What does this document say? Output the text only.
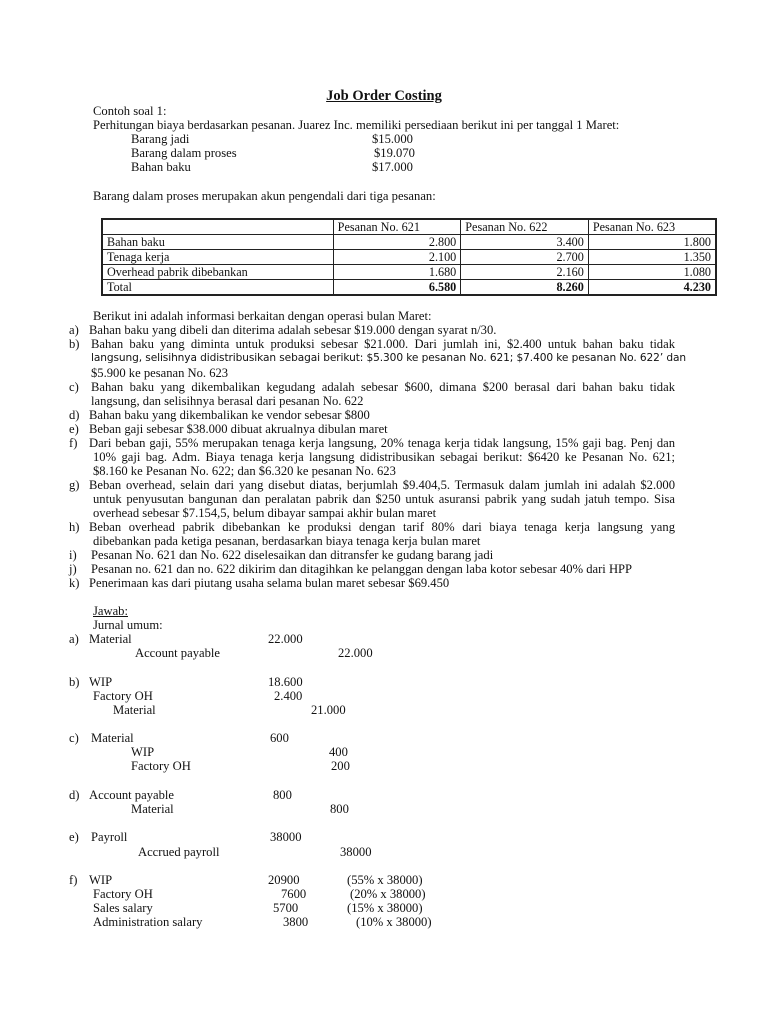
Job Order Costing
Contoh soal 1:
Perhitungan biaya berdasarkan pesanan. Juarez Inc. memiliki persediaan berikut ini per tanggal 1 Maret:
Barang jadi	$15.000
Barang dalam proses	$19.070
Bahan baku	$17.000
Barang dalam proses merupakan akun pengendali dari tiga pesanan:
	Pesanan No. 621	Pesanan No. 622	Pesanan No. 623
Bahan baku	2.800	3.400	1.800
Tenaga kerja	2.100	2.700	1.350
Overhead pabrik dibebankan	1.680	2.160	1.080
Total	6.580	8.260	4.230
Berikut ini adalah informasi berkaitan dengan operasi bulan Maret:
a) Bahan baku yang dibeli dan diterima adalah sebesar $19.000 dengan syarat n/30.
b) Bahan baku yang diminta untuk produksi sebesar $21.000. Dari jumlah ini, $2.400 untuk bahan baku tidak
langsung, selisihnya didistribusikan sebagai berikut: $5.300 ke pesanan No. 621; $7.400 ke pesanan No. 622’ dan
$5.900 ke pesanan No. 623
c) Bahan baku yang dikembalikan kegudang adalah sebesar $600, dimana $200 berasal dari bahan baku tidak
langsung, dan selisihnya berasal dari pesanan No. 622
d) Bahan baku yang dikembalikan ke vendor sebesar $800
e) Beban gaji sebesar $38.000 dibuat akrualnya dibulan maret
f) Dari beban gaji, 55% merupakan tenaga kerja langsung, 20% tenaga kerja tidak langsung, 15% gaji bag. Penj dan
10% gaji bag. Adm. Biaya tenaga kerja langsung didistribusikan sebagai berikut: $6420 ke Pesanan No. 621;
$8.160 ke Pesanan No. 622; dan $6.320 ke pesanan No. 623
g) Beban overhead, selain dari yang disebut diatas, berjumlah $9.404,5. Termasuk dalam jumlah ini adalah $2.000
untuk penyusutan bangunan dan peralatan pabrik dan $250 untuk asuransi pabrik yang sudah jatuh tempo. Sisa
overhead sebesar $7.154,5, belum dibayar sampai akhir bulan maret
h) Beban overhead pabrik dibebankan ke produksi dengan tarif 80% dari biaya tenaga kerja langsung yang
dibebankan pada ketiga pesanan, berdasarkan biaya tenaga kerja bulan maret
i) Pesanan No. 621 dan No. 622 diselesaikan dan ditransfer ke gudang barang jadi
j) Pesanan no. 621 dan no. 622 dikirim dan ditagihkan ke pelanggan dengan laba kotor sebesar 40% dari HPP
k) Penerimaan kas dari piutang usaha selama bulan maret sebesar $69.450
Jawab:
Jurnal umum:
a) Material	22.000
Account payable	22.000
b) WIP	18.600
Factory OH	2.400
Material	21.000
c) Material	600
WIP	400
Factory OH	200
d) Account payable	800
Material	800
e) Payroll	38000
Accrued payroll	38000
f) WIP	20900	(55% x 38000)
Factory OH	7600	(20% x 38000)
Sales salary	5700	(15% x 38000)
Administration salary	3800	(10% x 38000)
